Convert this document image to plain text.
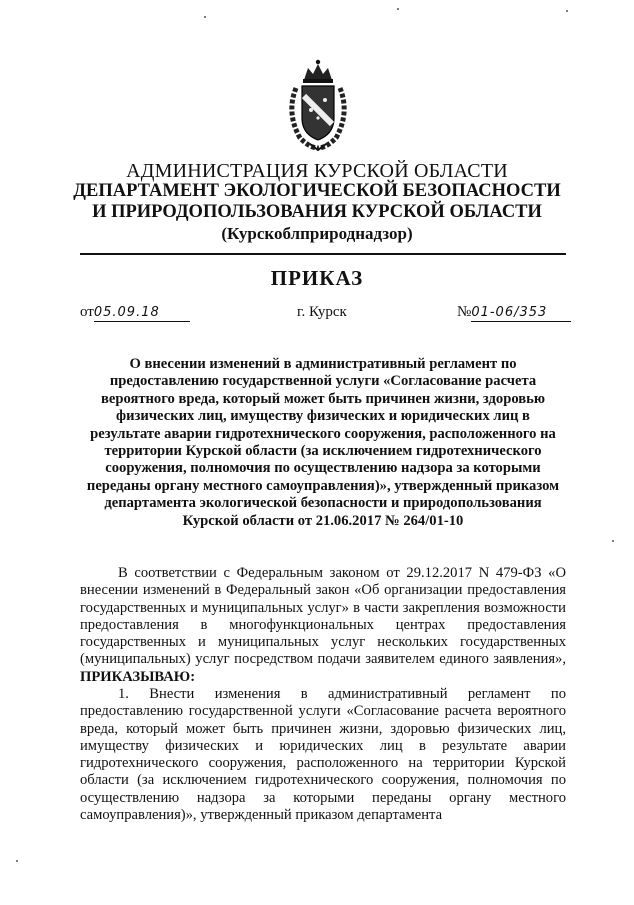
АДМИНИСТРАЦИЯ КУРСКОЙ ОБЛАСТИ
ДЕПАРТАМЕНТ ЭКОЛОГИЧЕСКОЙ БЕЗОПАСНОСТИ
И ПРИРОДОПОЛЬЗОВАНИЯ КУРСКОЙ ОБЛАСТИ
(Курскоблприроднадзор)
ПРИКАЗ
от05.09.18	г. Курск	№01-06/353
О внесении изменений в административный регламент по предоставлению государственной услуги «Согласование расчета вероятного вреда, который может быть причинен жизни, здоровью физических лиц, имуществу физических и юридических лиц в результате аварии гидротехнического сооружения, расположенного на территории Курской области (за исключением гидротехнического сооружения, полномочия по осуществлению надзора за которыми переданы органу местного самоуправления)», утвержденный приказом департамента экологической безопасности и природопользования Курской области от 21.06.2017 № 264/01-10

В соответствии с Федеральным законом от 29.12.2017 N 479-ФЗ «О внесении изменений в Федеральный закон «Об организации предоставления государственных и муниципальных услуг» в части закрепления возможности предоставления в многофункциональных центрах предоставления государственных и муниципальных услуг нескольких государственных (муниципальных) услуг посредством подачи заявителем единого заявления», ПРИКАЗЫВАЮ:

1. Внести изменения в административный регламент по предоставлению государственной услуги «Согласование расчета вероятного вреда, который может быть причинен жизни, здоровью физических лиц, имуществу физических и юридических лиц в результате аварии гидротехнического сооружения, расположенного на территории Курской области (за исключением гидротехнического сооружения, полномочия по осуществлению надзора за которыми переданы органу местного самоуправления)», утвержденный приказом департамента
